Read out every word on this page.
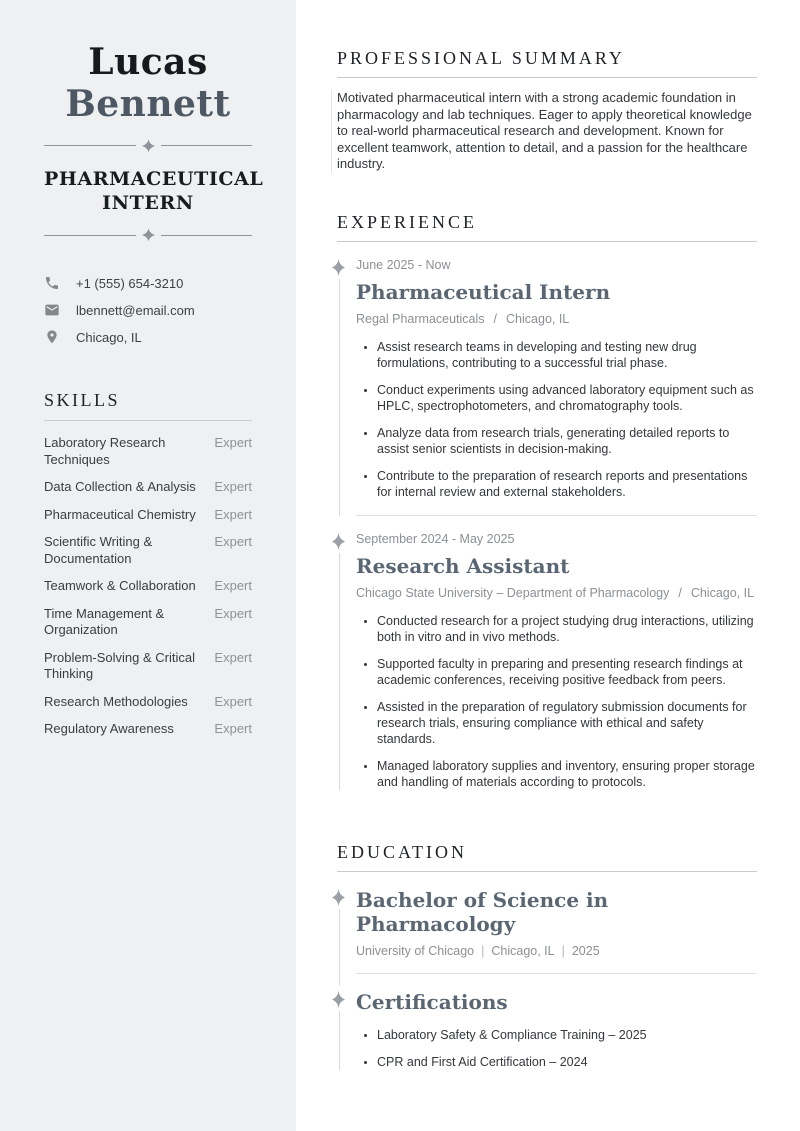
Lucas
Bennett
PHARMACEUTICAL INTERN
+1 (555) 654-3210
lbennett@email.com
Chicago, IL
SKILLS
Laboratory Research Techniques
Expert
Data Collection & Analysis	Expert
Pharmaceutical Chemistry	Expert
Scientific Writing & Documentation
Expert
Teamwork & Collaboration	Expert
Time Management & Organization
Expert
Problem-Solving & Critical Thinking
Expert
Research Methodologies	Expert
Regulatory Awareness	Expert
PROFESSIONAL SUMMARY

Motivated pharmaceutical intern with a strong academic foundation in pharmacology and lab techniques. Eager to apply theoretical knowledge to real-world pharmaceutical research and development. Known for excellent teamwork, attention to detail, and a passion for the healthcare industry.

EXPERIENCE
June 2025 - Now
Pharmaceutical Intern
Regal Pharmaceuticals / Chicago, IL
• Assist research teams in developing and testing new drug formulations, contributing to a successful trial phase.
• Conduct experiments using advanced laboratory equipment such as HPLC, spectrophotometers, and chromatography tools.
• Analyze data from research trials, generating detailed reports to assist senior scientists in decision-making.
• Contribute to the preparation of research reports and presentations for internal review and external stakeholders.
September 2024 - May 2025
Research Assistant
Chicago State University – Department of Pharmacology / Chicago, IL
• Conducted research for a project studying drug interactions, utilizing both in vitro and in vivo methods.
• Supported faculty in preparing and presenting research findings at academic conferences, receiving positive feedback from peers.
• Assisted in the preparation of regulatory submission documents for research trials, ensuring compliance with ethical and safety standards.
• Managed laboratory supplies and inventory, ensuring proper storage and handling of materials according to protocols.
EDUCATION
Bachelor of Science in Pharmacology
University of Chicago | Chicago, IL | 2025
Certifications
• Laboratory Safety & Compliance Training – 2025
• CPR and First Aid Certification – 2024
